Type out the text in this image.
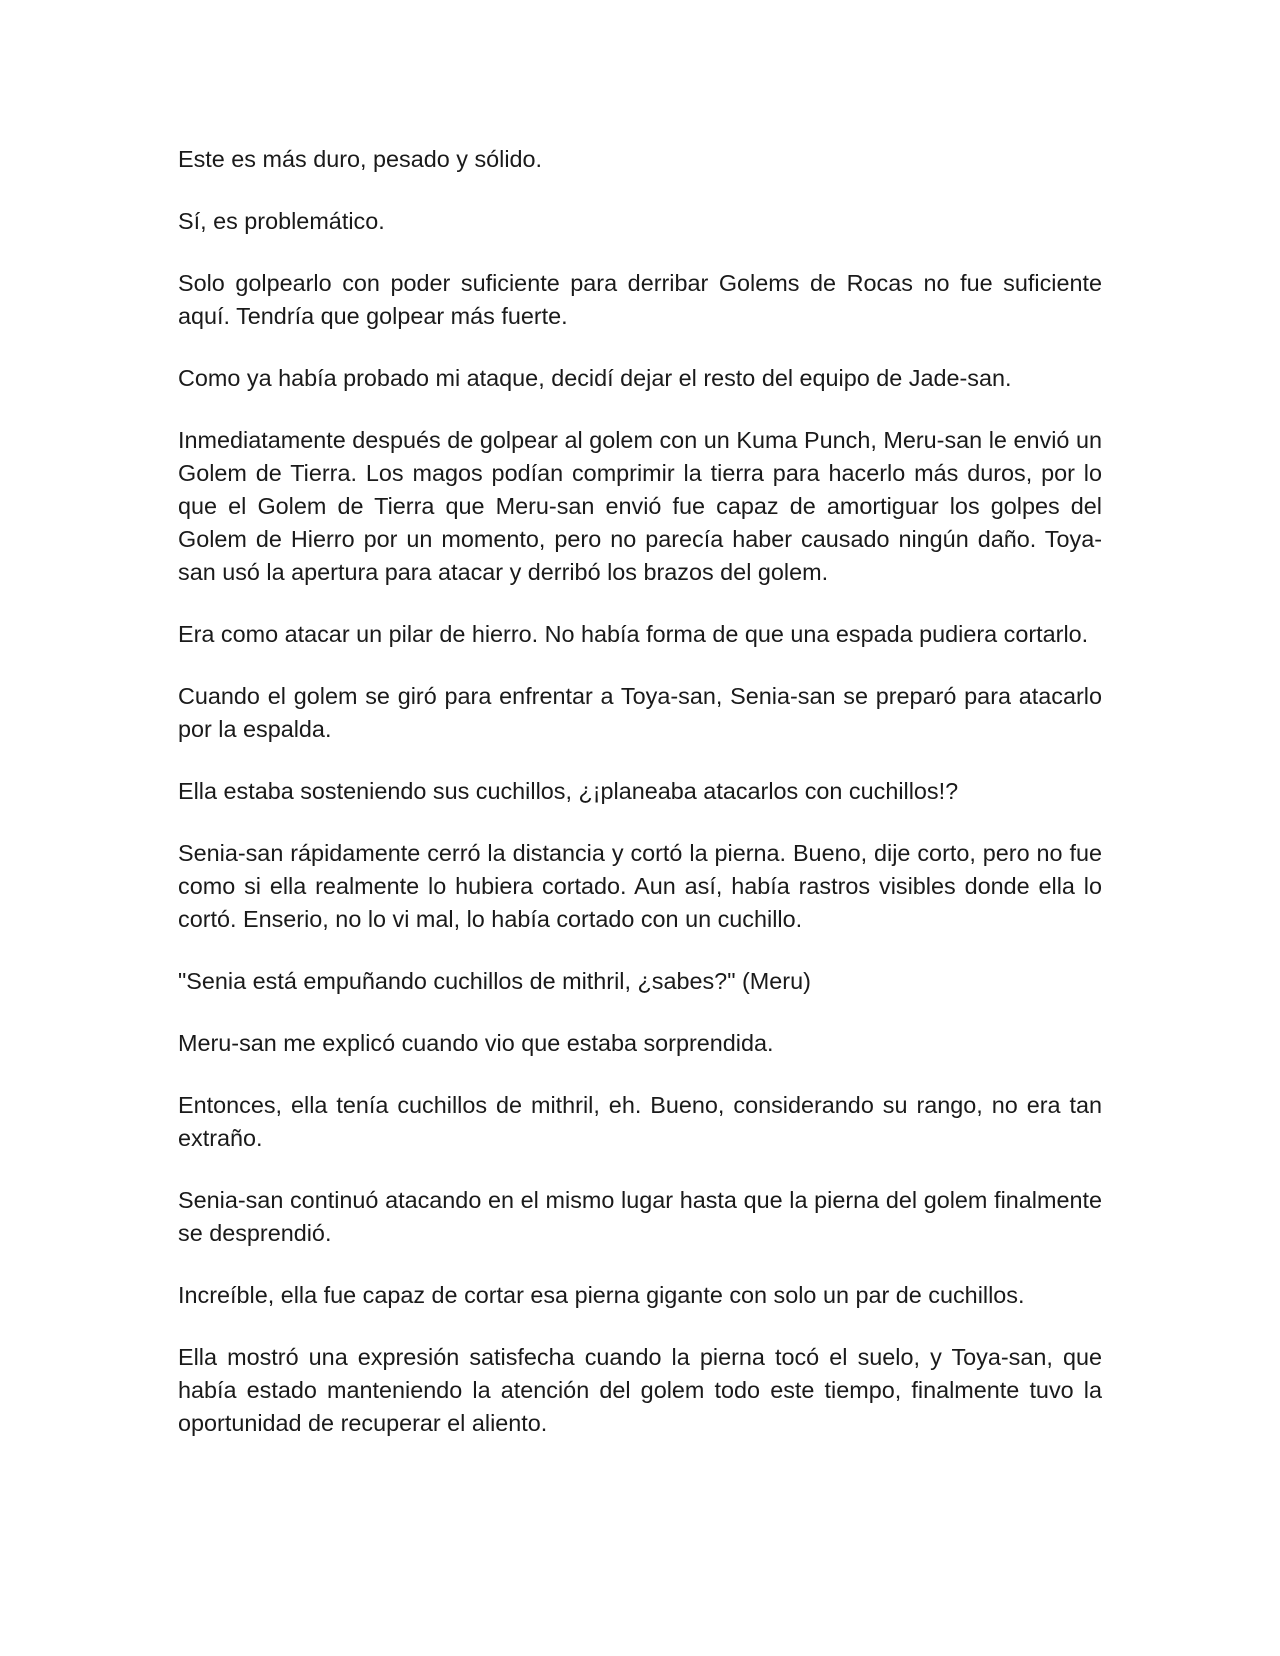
Este es más duro, pesado y sólido.

Sí, es problemático.

Solo golpearlo con poder suficiente para derribar Golems de Rocas no fue suficiente aquí. Tendría que golpear más fuerte.

Como ya había probado mi ataque, decidí dejar el resto del equipo de Jade-san.

Inmediatamente después de golpear al golem con un Kuma Punch, Meru-san le envió un Golem de Tierra. Los magos podían comprimir la tierra para hacerlo más duros, por lo que el Golem de Tierra que Meru-san envió fue capaz de amortiguar los golpes del Golem de Hierro por un momento, pero no parecía haber causado ningún daño. Toya-san usó la apertura para atacar y derribó los brazos del golem.

Era como atacar un pilar de hierro. No había forma de que una espada pudiera cortarlo.

Cuando el golem se giró para enfrentar a Toya-san, Senia-san se preparó para atacarlo por la espalda.

Ella estaba sosteniendo sus cuchillos, ¿¡planeaba atacarlos con cuchillos!?

Senia-san rápidamente cerró la distancia y cortó la pierna. Bueno, dije corto, pero no fue como si ella realmente lo hubiera cortado. Aun así, había rastros visibles donde ella lo cortó. Enserio, no lo vi mal, lo había cortado con un cuchillo.

"Senia está empuñando cuchillos de mithril, ¿sabes?" (Meru)

Meru-san me explicó cuando vio que estaba sorprendida.

Entonces, ella tenía cuchillos de mithril, eh. Bueno, considerando su rango, no era tan extraño.

Senia-san continuó atacando en el mismo lugar hasta que la pierna del golem finalmente se desprendió.

Increíble, ella fue capaz de cortar esa pierna gigante con solo un par de cuchillos.

Ella mostró una expresión satisfecha cuando la pierna tocó el suelo, y Toya-san, que había estado manteniendo la atención del golem todo este tiempo, finalmente tuvo la oportunidad de recuperar el aliento.
